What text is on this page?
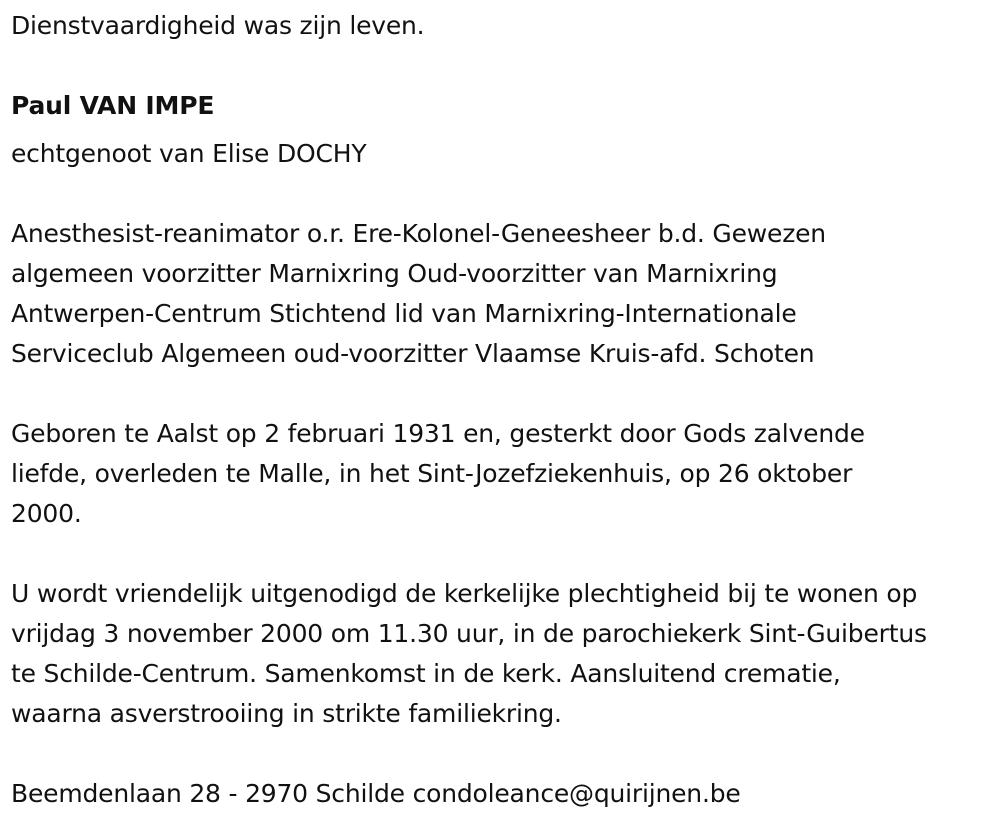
Dienstvaardigheid was zijn leven.
Paul VAN IMPE
echtgenoot van Elise DOCHY
Anesthesist-reanimator o.r. Ere-Kolonel-Geneesheer b.d. Gewezen
algemeen voorzitter Marnixring Oud-voorzitter van Marnixring
Antwerpen-Centrum Stichtend lid van Marnixring-Internationale
Serviceclub Algemeen oud-voorzitter Vlaamse Kruis-afd. Schoten
Geboren te Aalst op 2 februari 1931 en, gesterkt door Gods zalvende
liefde, overleden te Malle, in het Sint-Jozefziekenhuis, op 26 oktober
2000.
U wordt vriendelijk uitgenodigd de kerkelijke plechtigheid bij te wonen op
vrijdag 3 november 2000 om 11.30 uur, in de parochiekerk Sint-Guibertus
te Schilde-Centrum. Samenkomst in de kerk. Aansluitend crematie,
waarna asverstrooiing in strikte familiekring.
Beemdenlaan 28 - 2970 Schilde condoleance@quirijnen.be
